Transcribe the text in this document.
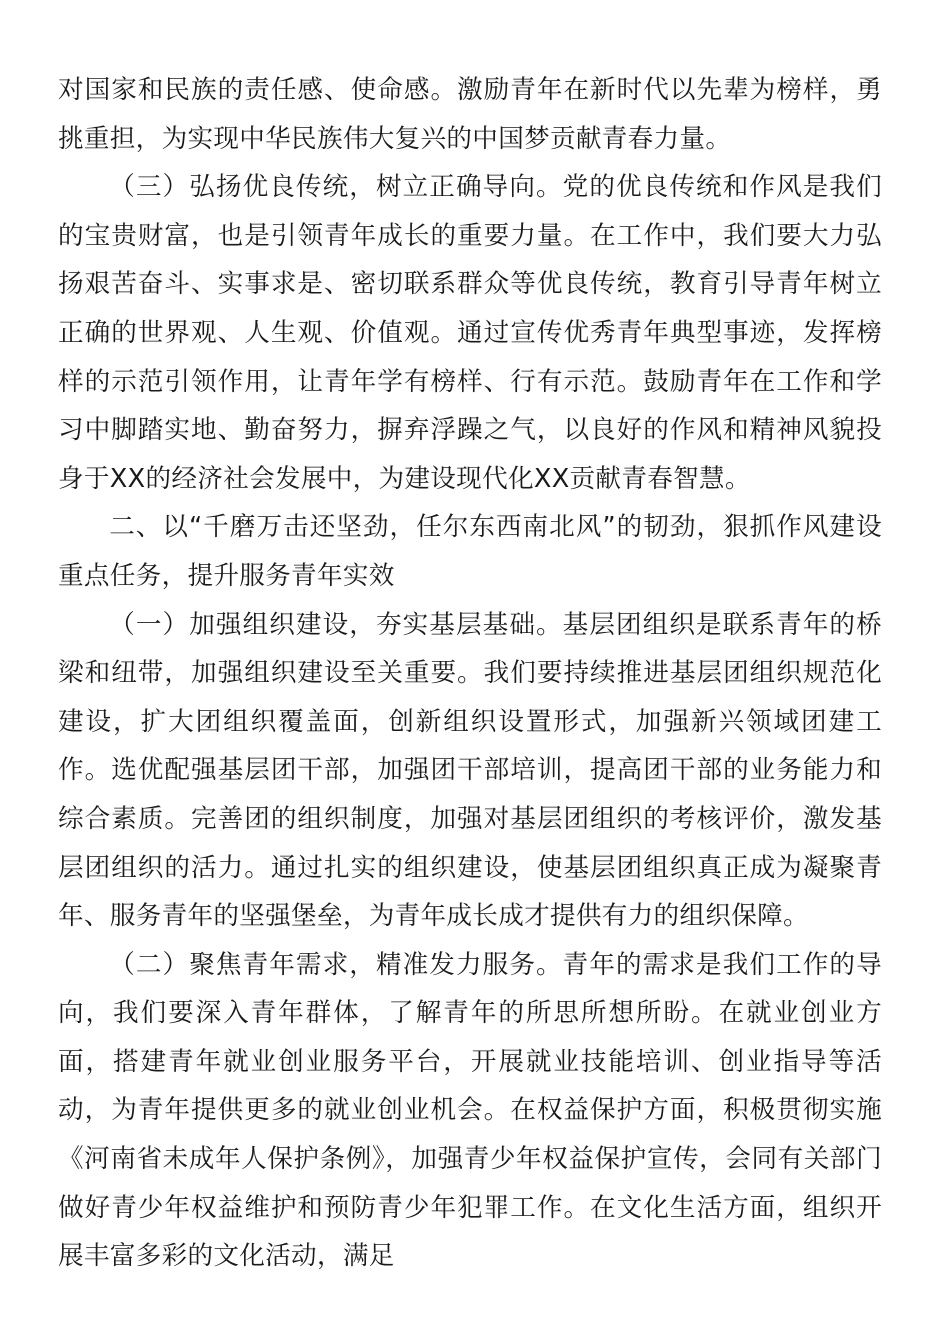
对国家和民族的责任感、使命感。激励青年在新时代以先辈为榜样，勇挑重担，为实现中华民族伟大复兴的中国梦贡献青春力量。

（三）弘扬优良传统，树立正确导向。党的优良传统和作风是我们的宝贵财富，也是引领青年成长的重要力量。在工作中，我们要大力弘扬艰苦奋斗、实事求是、密切联系群众等优良传统，教育引导青年树立正确的世界观、人生观、价值观。通过宣传优秀青年典型事迹，发挥榜样的示范引领作用，让青年学有榜样、行有示范。鼓励青年在工作和学习中脚踏实地、勤奋努力，摒弃浮躁之气，以良好的作风和精神风貌投身于XX的经济社会发展中，为建设现代化XX贡献青春智慧。

二、以“千磨万击还坚劲，任尔东西南北风”的韧劲，狠抓作风建设重点任务，提升服务青年实效

（一）加强组织建设，夯实基层基础。基层团组织是联系青年的桥梁和纽带，加强组织建设至关重要。我们要持续推进基层团组织规范化建设，扩大团组织覆盖面，创新组织设置形式，加强新兴领域团建工作。选优配强基层团干部，加强团干部培训，提高团干部的业务能力和综合素质。完善团的组织制度，加强对基层团组织的考核评价，激发基层团组织的活力。通过扎实的组织建设，使基层团组织真正成为凝聚青年、服务青年的坚强堡垒，为青年成长成才提供有力的组织保障。

（二）聚焦青年需求，精准发力服务。青年的需求是我们工作的导向，我们要深入青年群体，了解青年的所思所想所盼。在就业创业方面，搭建青年就业创业服务平台，开展就业技能培训、创业指导等活动，为青年提供更多的就业创业机会。在权益保护方面，积极贯彻实施《河南省未成年人保护条例》，加强青少年权益保护宣传，会同有关部门做好青少年权益维护和预防青少年犯罪工作。在文化生活方面，组织开展丰富多彩的文化活动，满足
